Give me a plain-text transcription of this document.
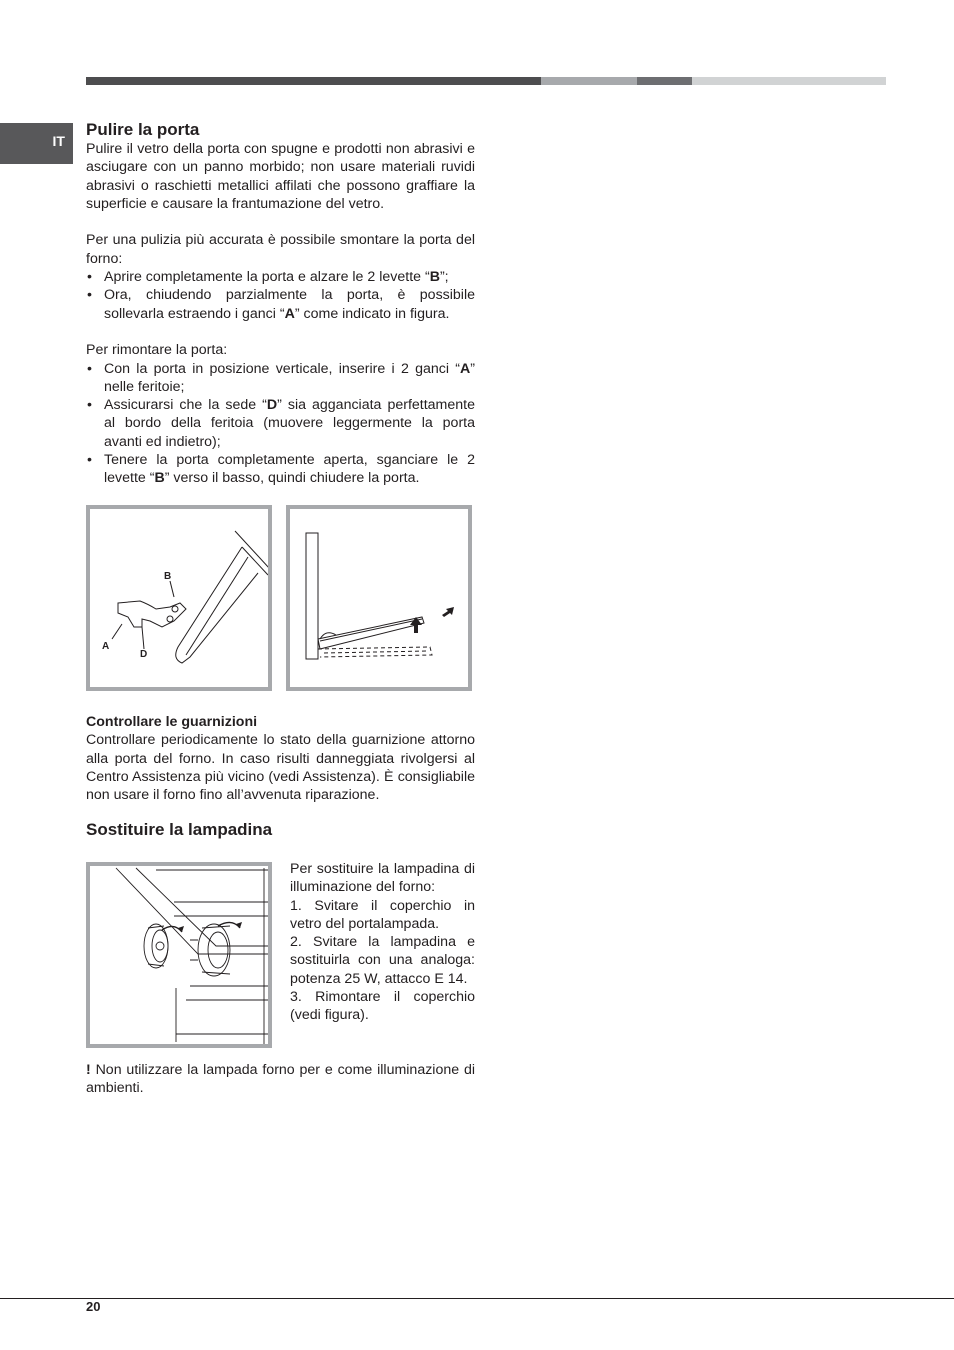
IT
Pulire la porta

Pulire il vetro della porta con spugne e prodotti non abrasivi e asciugare con un panno morbido; non usare materiali ruvidi abrasivi o raschietti metallici affilati che possono graffiare la superficie e causare la frantumazione del vetro.

Per una pulizia più accurata è possibile smontare la porta del forno:

• Aprire completamente la porta e alzare le 2 levette “B”;
• Ora, chiudendo parzialmente la porta, è possibile sollevarla estraendo i ganci “A” come indicato in figura.

Per rimontare la porta:

• Con la porta in posizione verticale, inserire i 2 ganci “A” nelle feritoie;
• Assicurarsi che la sede “D” sia agganciata perfettamente al bordo della feritoia (muovere leggermente la porta avanti ed indietro);
• Tenere la porta completamente aperta, sganciare le 2 levette “B” verso il basso, quindi chiudere la porta.
B
A
D
Controllare le guarnizioni

Controllare periodicamente lo stato della guarnizione attorno alla porta del forno. In caso risulti danneggiata rivolgersi al Centro Assistenza più vicino (vedi Assistenza). È consigliabile non usare il forno fino all’avvenuta riparazione.

Sostituire la lampadina

Per sostituire la lampadina di illuminazione del forno:

1. Svitare il coperchio in vetro del portalampada.

2. Svitare la lampadina e sostituirla con una analoga: potenza 25 W, attacco E 14.

3. Rimontare il coperchio (vedi figura).

! Non utilizzare la lampada forno per e come illuminazione di ambienti.

20
